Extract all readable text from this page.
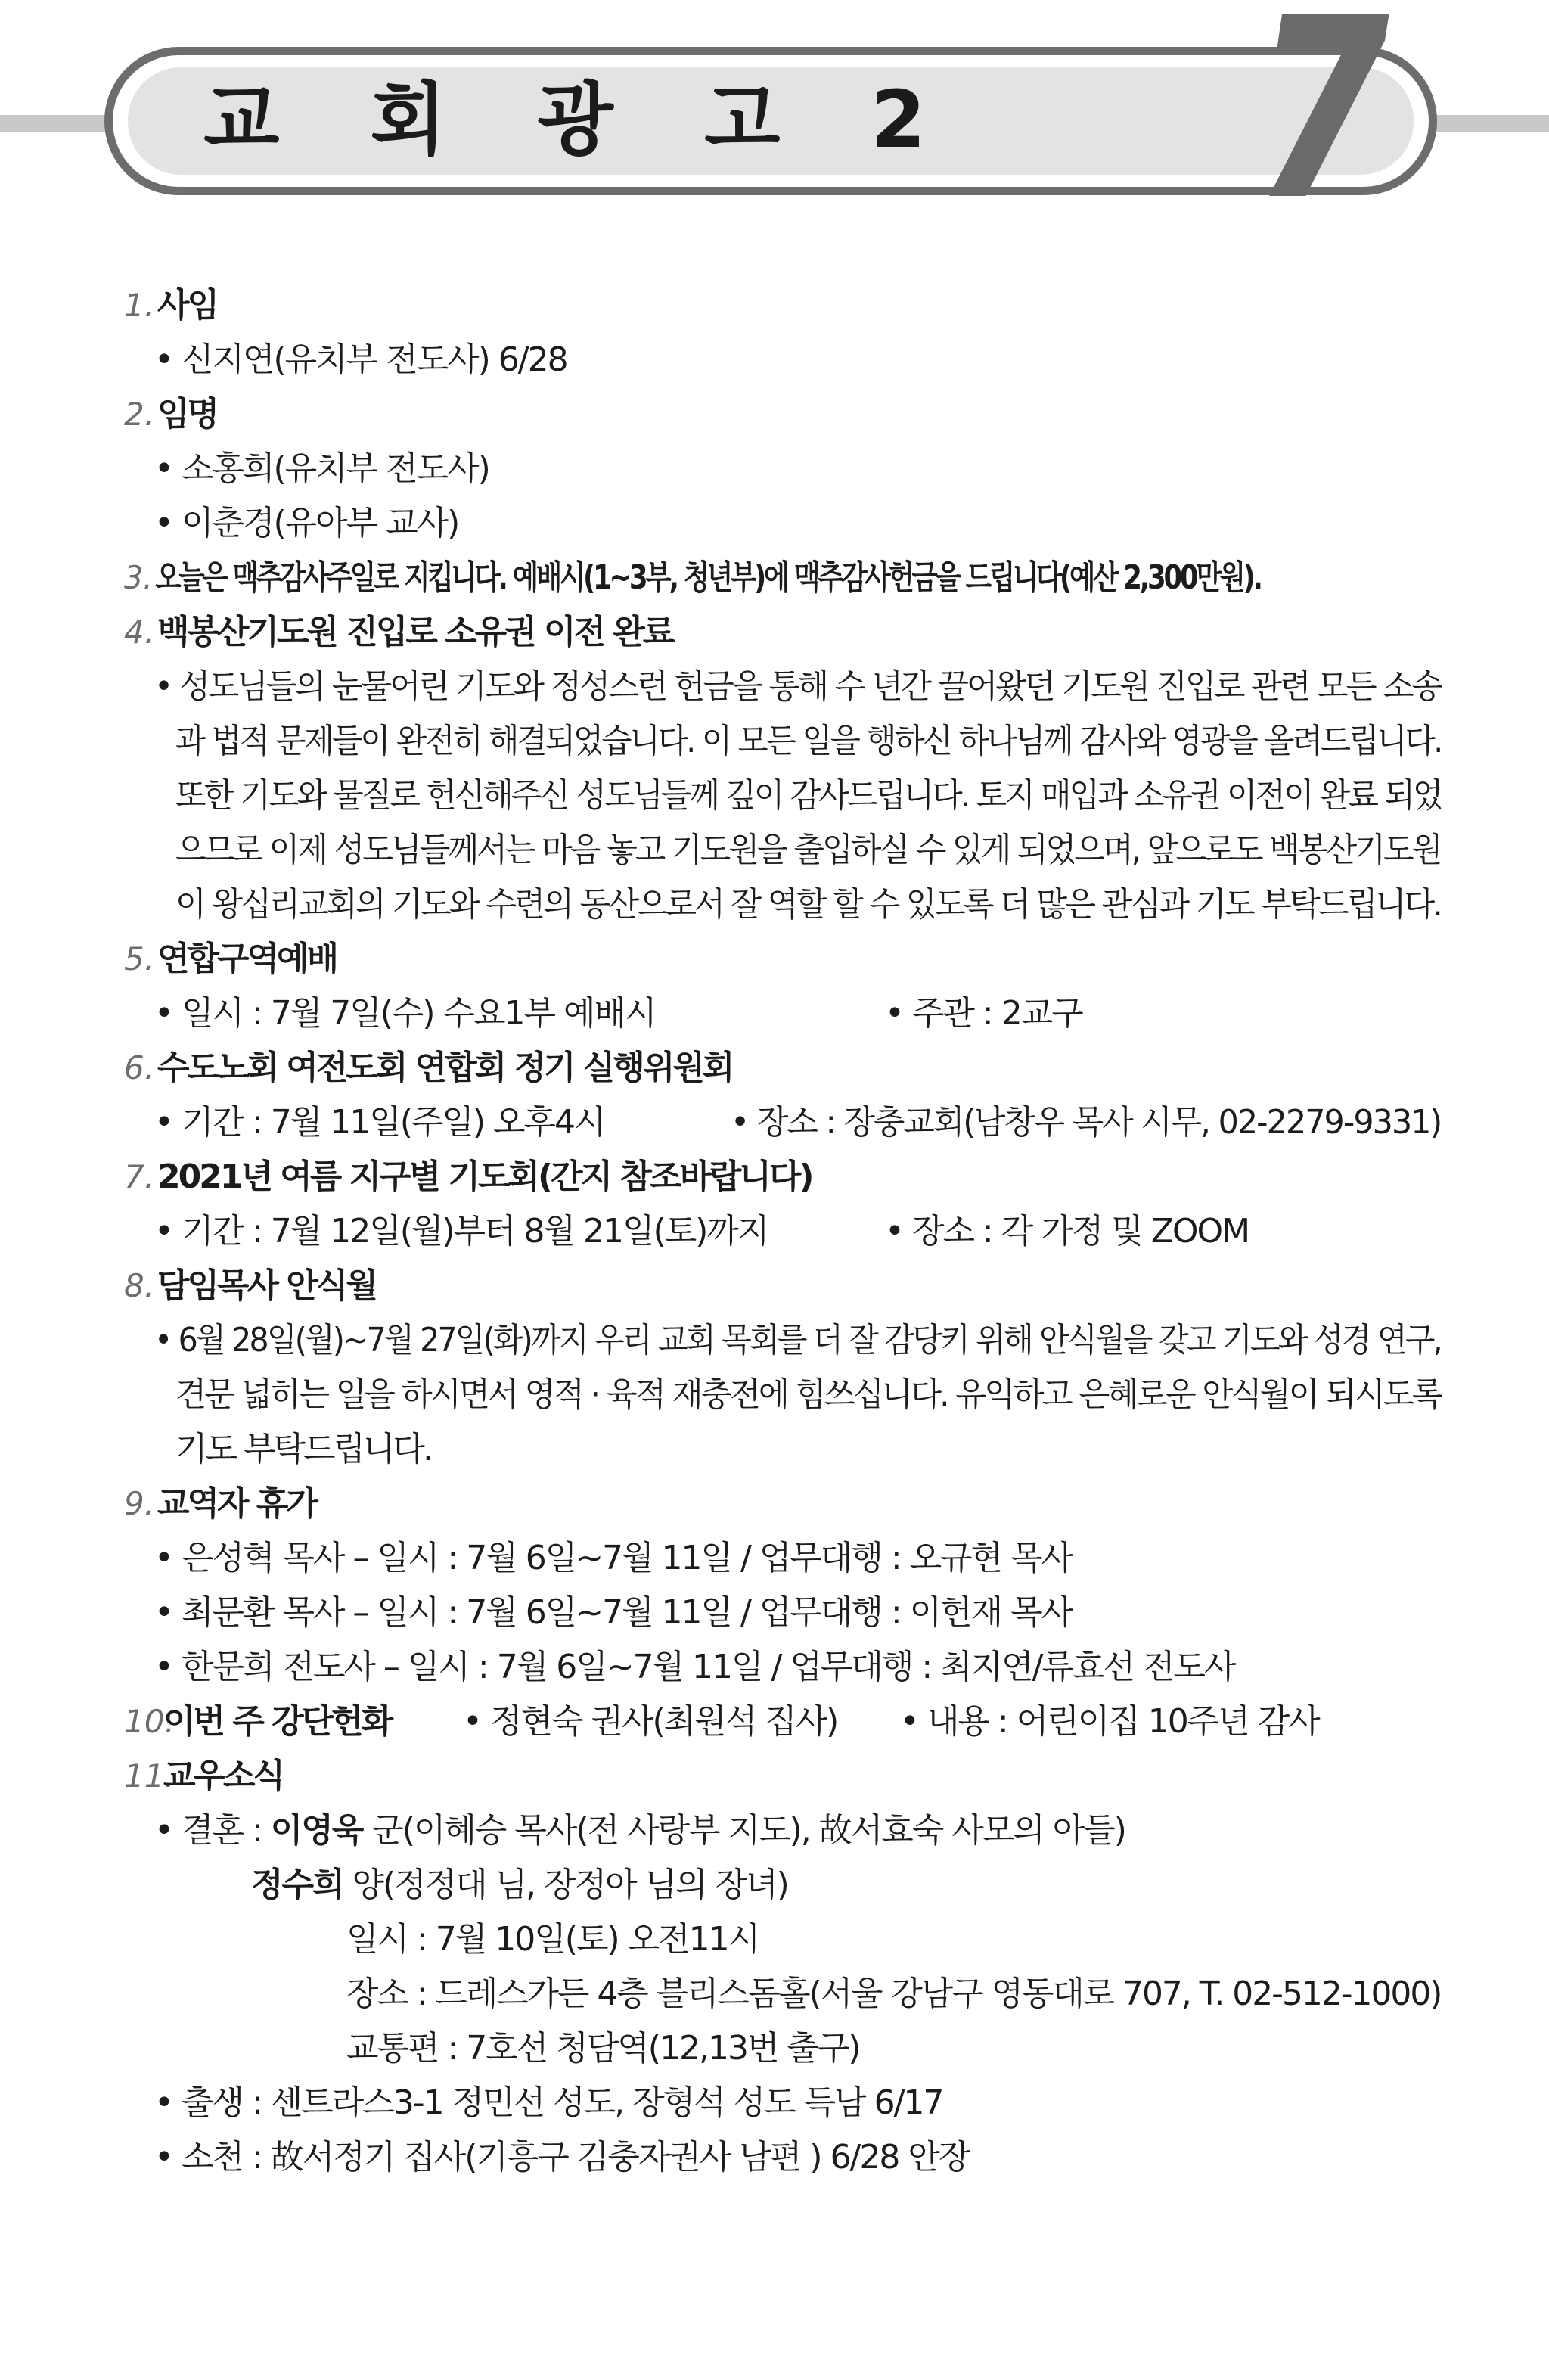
교 회 광 고 2 7
1.사임
• 신지연(유치부 전도사) 6/28
2.임명
• 소홍희(유치부 전도사)
• 이춘경(유아부 교사)
3.오늘은 맥추감사주일로 지킵니다. 예배시(1~3부, 청년부)에 맥추감사헌금을 드립니다(예산 2,300만원).
4.백봉산기도원 진입로 소유권 이전 완료
• 성도님들의 눈물어린 기도와 정성스런 헌금을 통해 수 년간 끌어왔던 기도원 진입로 관련 모든 소송
과 법적 문제들이 완전히 해결되었습니다. 이 모든 일을 행하신 하나님께 감사와 영광을 올려드립니다.
또한 기도와 물질로 헌신해주신 성도님들께 깊이 감사드립니다. 토지 매입과 소유권 이전이 완료 되었
으므로 이제 성도님들께서는 마음 놓고 기도원을 출입하실 수 있게 되었으며, 앞으로도 백봉산기도원
이 왕십리교회의 기도와 수련의 동산으로서 잘 역할 할 수 있도록 더 많은 관심과 기도 부탁드립니다.
5.연합구역예배
• 일시 : 7월 7일(수) 수요1부 예배시	• 주관 : 2교구
6.수도노회 여전도회 연합회 정기 실행위원회
• 기간 : 7월 11일(주일) 오후4시	• 장소 : 장충교회(남창우 목사 시무, 02-2279-9331)
7.2021년 여름 지구별 기도회(간지 참조바랍니다)
• 기간 : 7월 12일(월)부터 8월 21일(토)까지	• 장소 : 각 가정 및 ZOOM
8.담임목사 안식월
• 6월 28일(월)~7월 27일(화)까지 우리 교회 목회를 더 잘 감당키 위해 안식월을 갖고 기도와 성경 연구,
견문 넓히는 일을 하시면서 영적 · 육적 재충전에 힘쓰십니다. 유익하고 은혜로운 안식월이 되시도록
기도 부탁드립니다.
9.교역자 휴가
• 은성혁 목사 – 일시 : 7월 6일~7월 11일 / 업무대행 : 오규현 목사
• 최문환 목사 – 일시 : 7월 6일~7월 11일 / 업무대행 : 이헌재 목사
• 한문희 전도사 – 일시 : 7월 6일~7월 11일 / 업무대행 : 최지연/류효선 전도사
10.이번 주 강단헌화 • 정현숙 권사(최원석 집사) • 내용 : 어린이집 10주년 감사
11.교우소식
• 결혼 : 이영욱 군(이혜승 목사(전 사랑부 지도), 故서효숙 사모의 아들)
정수희 양(정정대 님, 장정아 님의 장녀)
일시 : 7월 10일(토) 오전11시
장소 : 드레스가든 4층 블리스돔홀(서울 강남구 영동대로 707, T. 02-512-1000)
교통편 : 7호선 청담역(12,13번 출구)
• 출생 : 센트라스3-1 정민선 성도, 장형석 성도 득남 6/17
• 소천 : 故서정기 집사(기흥구 김충자권사 남편 ) 6/28 안장
